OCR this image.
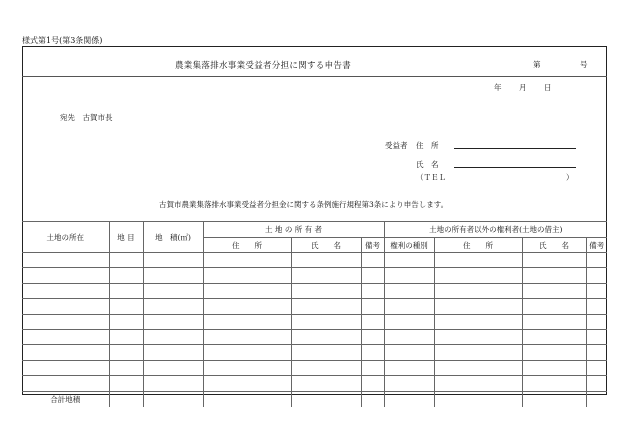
様式第1号(第3条関係)
農業集落排水事業受益者分担に関する申告書	第	号
年 月 日
宛先　古賀市長
受益者 住　所
氏　名
（ＴＥＬ	）
古賀市農業集落排水事業受益者分担金に関する条例施行規程第3条により申告します。
土地の所在	地 目	地　積(㎡)	土 地 の 所 有 者			土地の所有者以外の権利者(土地の借主)			
			住　　所	氏　　名	備考	権利の種別	住　　所	氏　　名	備考

合計地積									
